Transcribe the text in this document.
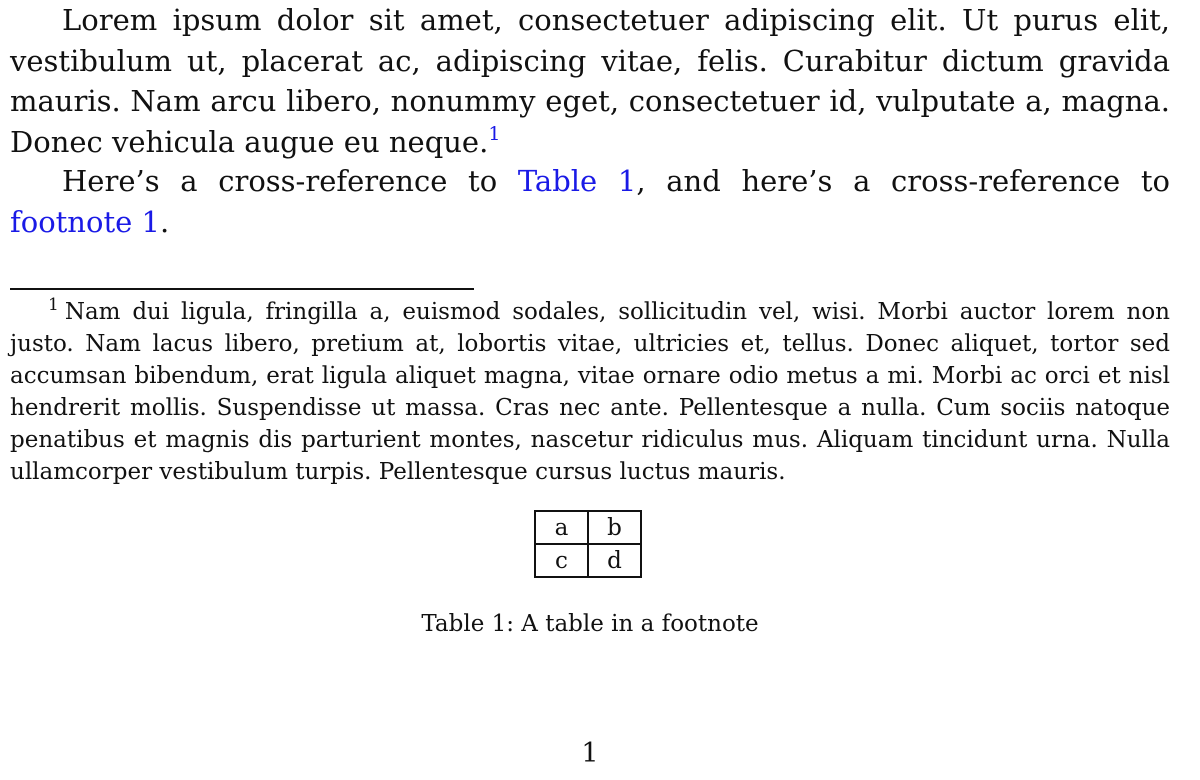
Lorem ipsum dolor sit amet, consectetuer adipiscing elit. Ut purus elit, vestibulum ut, placerat ac, adipiscing vitae, felis. Curabitur dictum gravida mauris. Nam arcu libero, nonummy eget, consectetuer id, vulputate a, magna. Donec vehicula augue eu neque.$^1$

Here’s a cross-reference to Table 1, and here’s a cross-reference to footnote 1.

$^1$ Nam dui ligula, fringilla a, euismod sodales, sollicitudin vel, wisi. Morbi auctor lorem non justo. Nam lacus libero, pretium at, lobortis vitae, ultricies et, tellus. Donec aliquet, tortor sed accumsan bibendum, erat ligula aliquet magna, vitae ornare odio metus a mi. Morbi ac orci et nisl hendrerit mollis. Suspendisse ut massa. Cras nec ante. Pellentesque a nulla. Cum sociis natoque penatibus et magnis dis parturient montes, nascetur ridiculus mus. Aliquam tincidunt urna. Nulla ullamcorper vestibulum turpis. Pellentesque cursus luctus mauris.

a	b
c	d

Table 1: A table in a footnote

1
